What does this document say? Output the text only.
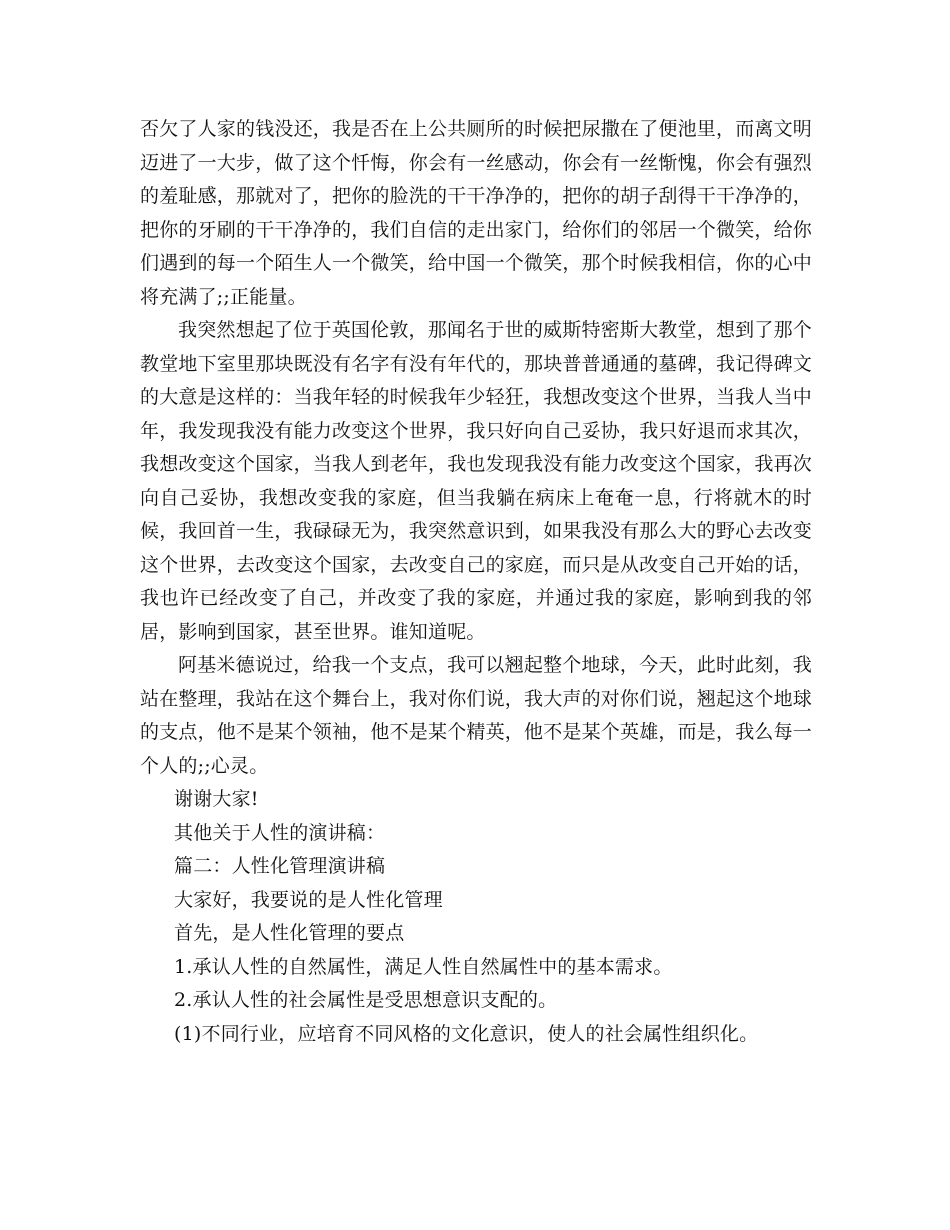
否欠了人家的钱没还，我是否在上公共厕所的时候把尿撒在了便池里，而离文明迈进了一大步，做了这个忏悔，你会有一丝感动，你会有一丝惭愧，你会有强烈的羞耻感，那就对了，把你的脸洗的干干净净的，把你的胡子刮得干干净净的，把你的牙刷的干干净净的，我们自信的走出家门，给你们的邻居一个微笑，给你们遇到的每一个陌生人一个微笑，给中国一个微笑，那个时候我相信，你的心中将充满了;;正能量。

我突然想起了位于英国伦敦，那闻名于世的威斯特密斯大教堂，想到了那个教堂地下室里那块既没有名字有没有年代的，那块普普通通的墓碑，我记得碑文的大意是这样的：当我年轻的时候我年少轻狂，我想改变这个世界，当我人当中年，我发现我没有能力改变这个世界，我只好向自己妥协，我只好退而求其次，我想改变这个国家，当我人到老年，我也发现我没有能力改变这个国家，我再次向自己妥协，我想改变我的家庭，但当我躺在病床上奄奄一息，行将就木的时候，我回首一生，我碌碌无为，我突然意识到，如果我没有那么大的野心去改变这个世界，去改变这个国家，去改变自己的家庭，而只是从改变自己开始的话，我也许已经改变了自己，并改变了我的家庭，并通过我的家庭，影响到我的邻居，影响到国家，甚至世界。谁知道呢。

阿基米德说过，给我一个支点，我可以翘起整个地球，今天，此时此刻，我站在整理，我站在这个舞台上，我对你们说，我大声的对你们说，翘起这个地球的支点，他不是某个领袖，他不是某个精英，他不是某个英雄，而是，我么每一个人的;;心灵。

谢谢大家!

其他关于人性的演讲稿：

篇二：人性化管理演讲稿

大家好，我要说的是人性化管理

首先，是人性化管理的要点

1.承认人性的自然属性，满足人性自然属性中的基本需求。

2.承认人性的社会属性是受思想意识支配的。

(1)不同行业，应培育不同风格的文化意识，使人的社会属性组织化。
